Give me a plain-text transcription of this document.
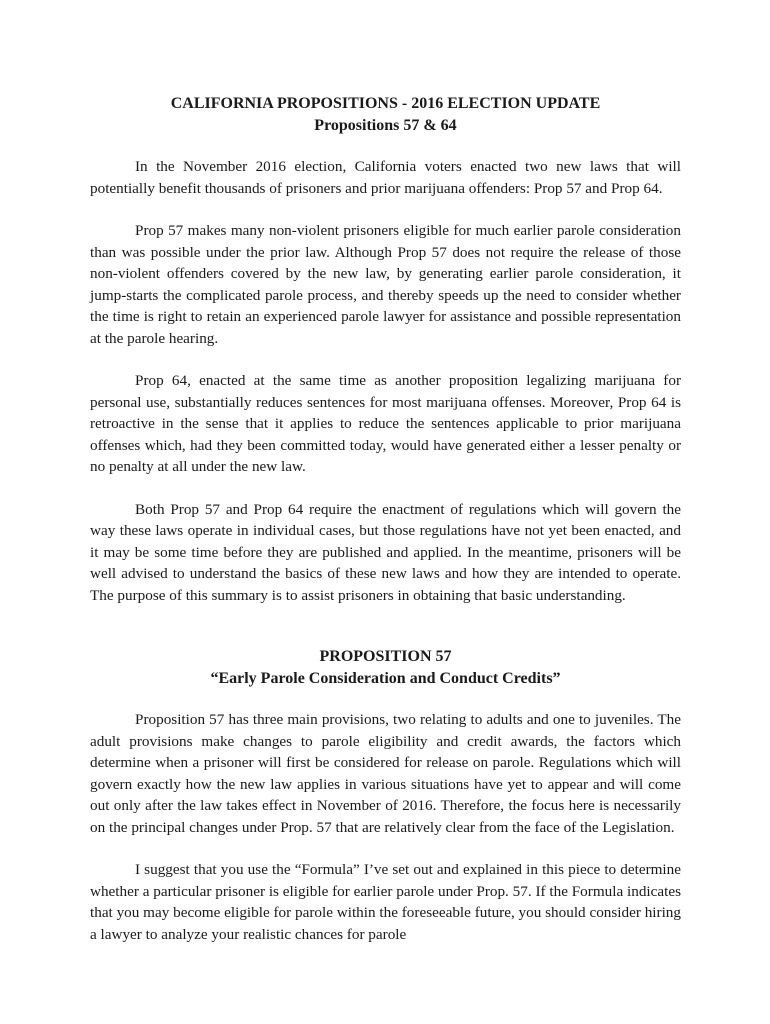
CALIFORNIA PROPOSITIONS - 2016 ELECTION UPDATE
Propositions 57 & 64

In the November 2016 election, California voters enacted two new laws that will potentially benefit thousands of prisoners and prior marijuana offenders: Prop 57 and Prop 64.

Prop 57 makes many non-violent prisoners eligible for much earlier parole consideration than was possible under the prior law. Although Prop 57 does not require the release of those non-violent offenders covered by the new law, by generating earlier parole consideration, it jump-starts the complicated parole process, and thereby speeds up the need to consider whether the time is right to retain an experienced parole lawyer for assistance and possible representation at the parole hearing.

Prop 64, enacted at the same time as another proposition legalizing marijuana for personal use, substantially reduces sentences for most marijuana offenses. Moreover, Prop 64 is retroactive in the sense that it applies to reduce the sentences applicable to prior marijuana offenses which, had they been committed today, would have generated either a lesser penalty or no penalty at all under the new law.

Both Prop 57 and Prop 64 require the enactment of regulations which will govern the way these laws operate in individual cases, but those regulations have not yet been enacted, and it may be some time before they are published and applied. In the meantime, prisoners will be well advised to understand the basics of these new laws and how they are intended to operate. The purpose of this summary is to assist prisoners in obtaining that basic understanding.

PROPOSITION 57
“Early Parole Consideration and Conduct Credits”

Proposition 57 has three main provisions, two relating to adults and one to juveniles. The adult provisions make changes to parole eligibility and credit awards, the factors which determine when a prisoner will first be considered for release on parole. Regulations which will govern exactly how the new law applies in various situations have yet to appear and will come out only after the law takes effect in November of 2016. Therefore, the focus here is necessarily on the principal changes under Prop. 57 that are relatively clear from the face of the Legislation.

I suggest that you use the “Formula” I’ve set out and explained in this piece to determine whether a particular prisoner is eligible for earlier parole under Prop. 57. If the Formula indicates that you may become eligible for parole within the foreseeable future, you should consider hiring a lawyer to analyze your realistic chances for parole
